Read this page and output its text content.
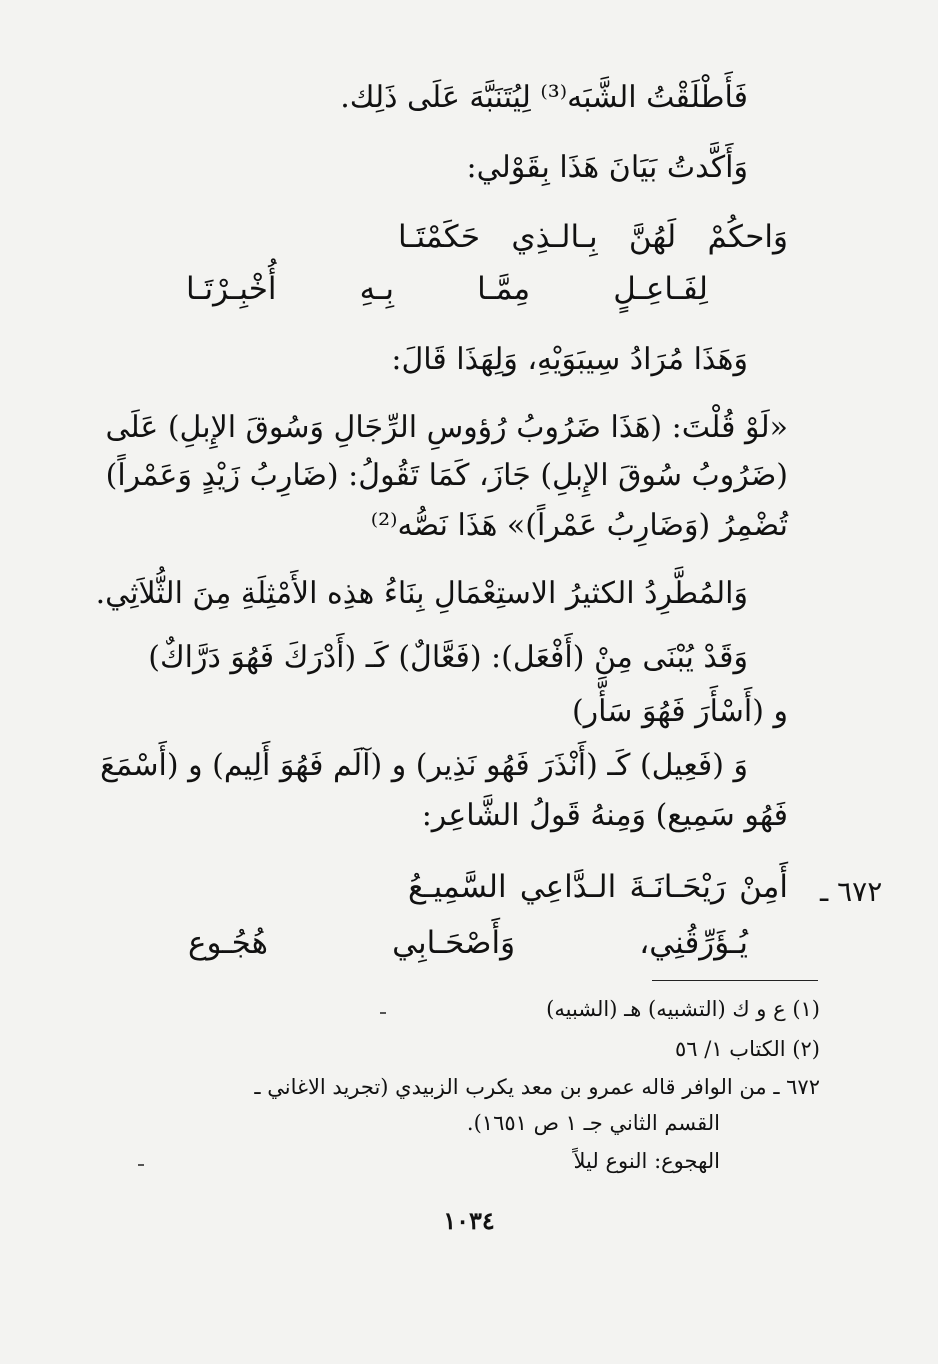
فَأَطْلَقْتُ الشَّبَه⁽³⁾ لِيُتَنَبَّهَ عَلَى ذَلِك.
وَأَكَّدتُ بَيَانَ هَذَا بِقَوْلي:
وَاحكُمْ
لَهُنَّ
بِـالـذِي
حَكَمْتَـا
لِفَـاعِـلٍ
مِمَّـا
بِـهِ
أُخْبِـرْتَـا
وَهَذَا مُرَادُ سِيبَوَيْهِ، وَلِهَذَا قَالَ:
«لَوْ قُلْتَ: (هَذَا ضَرُوبُ رُؤوسِ الرِّجَالِ وَسُوقَ الإِبلِ) عَلَى
(ضَرُوبُ سُوقَ الإِبلِ) جَازَ، كَمَا تَقُولُ: (ضَارِبُ زَيْدٍ وَعَمْراً)
تُضْمِرُ (وَضَارِبُ عَمْراً)» هَذَا نَصُّه⁽²⁾
وَالمُطَّرِدُ الكثيرُ الاستِعْمَالِ بِنَاءُ هذِه الأَمْثِلَةِ مِنَ الثُّلاَثِي.
وَقَدْ يُبْنَى مِنْ (أَفْعَل): (فَعَّالٌ) كَـ (أَدْرَكَ فَهُوَ دَرَّاكٌ)
و (أَسْأَرَ فَهُوَ سَأَّر)
وَ (فَعِيل) كَـ (أَنْذَرَ فَهُو نَذِير) و (آلَم فَهُوَ أَلِيم) و (أَسْمَعَ
فَهُو سَمِيع) وَمِنهُ قَولُ الشَّاعِر:
٦٧٢ ـ
أَمِنْ
رَيْحَـانَـةَ
الـدَّاعِي
السَّمِيـعُ
يُـؤَرِّقُنِي،
وَأَصْحَـابِي
هُجُـوع
(١) ع و ك (التشبيه) هـ (الشبيه)
(٢) الكتاب ١/ ٥٦
٦٧٢ ـ من الوافر قاله عمرو بن معد يكرب الزبيدي (تجريد الاغاني ـ
القسم الثاني جـ ١ ص ١٦٥١).
الهجوع: النوع ليلاً
١٠٣٤
